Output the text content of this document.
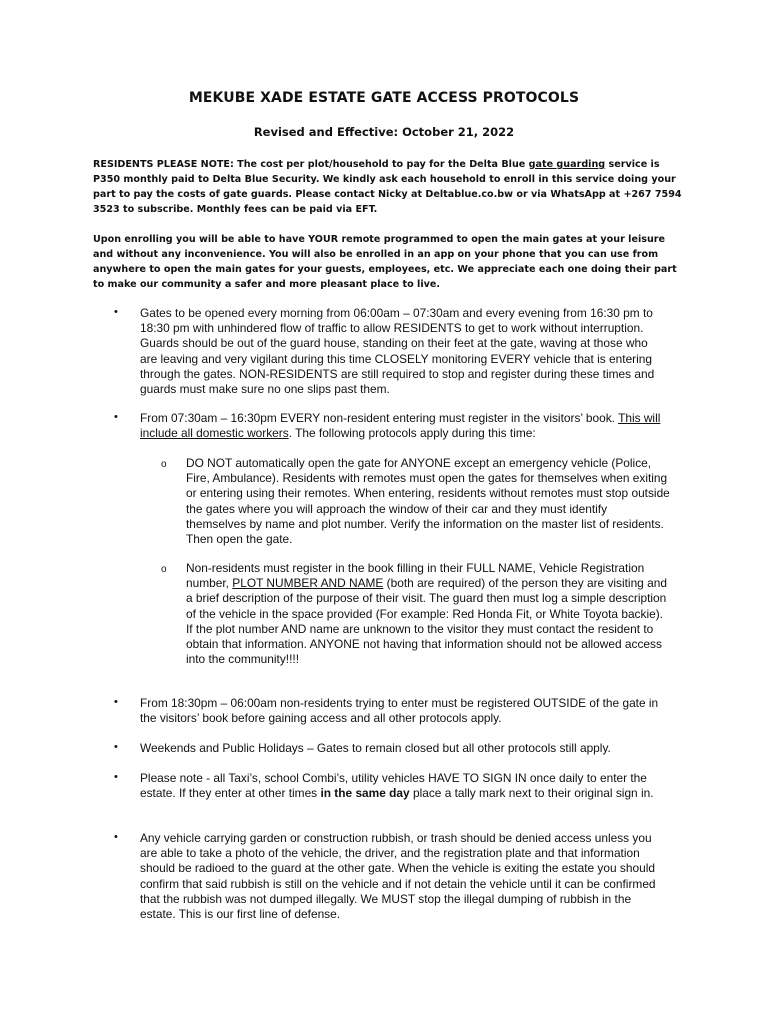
MEKUBE XADE ESTATE GATE ACCESS PROTOCOLS
Revised and Effective: October 21, 2022

RESIDENTS PLEASE NOTE: The cost per plot/household to pay for the Delta Blue gate guarding service is P350 monthly paid to Delta Blue Security. We kindly ask each household to enroll in this service doing your part to pay the costs of gate guards. Please contact Nicky at Deltablue.co.bw or via WhatsApp at +267 7594 3523 to subscribe. Monthly fees can be paid via EFT.

Upon enrolling you will be able to have YOUR remote programmed to open the main gates at your leisure and without any inconvenience. You will also be enrolled in an app on your phone that you can use from anywhere to open the main gates for your guests, employees, etc. We appreciate each one doing their part to make our community a safer and more pleasant place to live.

• Gates to be opened every morning from 06:00am – 07:30am and every evening from 16:30 pm to 18:30 pm with unhindered flow of traffic to allow RESIDENTS to get to work without interruption. Guards should be out of the guard house, standing on their feet at the gate, waving at those who are leaving and very vigilant during this time CLOSELY monitoring EVERY vehicle that is entering through the gates. NON-RESIDENTS are still required to stop and register during these times and guards must make sure no one slips past them.

• From 07:30am – 16:30pm EVERY non-resident entering must register in the visitors’ book. This will include all domestic workers. The following protocols apply during this time:

o DO NOT automatically open the gate for ANYONE except an emergency vehicle (Police, Fire, Ambulance). Residents with remotes must open the gates for themselves when exiting or entering using their remotes. When entering, residents without remotes must stop outside the gates where you will approach the window of their car and they must identify themselves by name and plot number. Verify the information on the master list of residents. Then open the gate.

o Non-residents must register in the book filling in their FULL NAME, Vehicle Registration number, PLOT NUMBER AND NAME (both are required) of the person they are visiting and a brief description of the purpose of their visit. The guard then must log a simple description of the vehicle in the space provided (For example: Red Honda Fit, or White Toyota backie). If the plot number AND name are unknown to the visitor they must contact the resident to obtain that information. ANYONE not having that information should not be allowed access into the community!!!!

• From 18:30pm – 06:00am non-residents trying to enter must be registered OUTSIDE of the gate in the visitors’ book before gaining access and all other protocols apply.

• Weekends and Public Holidays – Gates to remain closed but all other protocols still apply.

• Please note - all Taxi’s, school Combi’s, utility vehicles HAVE TO SIGN IN once daily to enter the estate. If they enter at other times in the same day place a tally mark next to their original sign in.

• Any vehicle carrying garden or construction rubbish, or trash should be denied access unless you are able to take a photo of the vehicle, the driver, and the registration plate and that information should be radioed to the guard at the other gate. When the vehicle is exiting the estate you should confirm that said rubbish is still on the vehicle and if not detain the vehicle until it can be confirmed that the rubbish was not dumped illegally. We MUST stop the illegal dumping of rubbish in the estate. This is our first line of defense.
